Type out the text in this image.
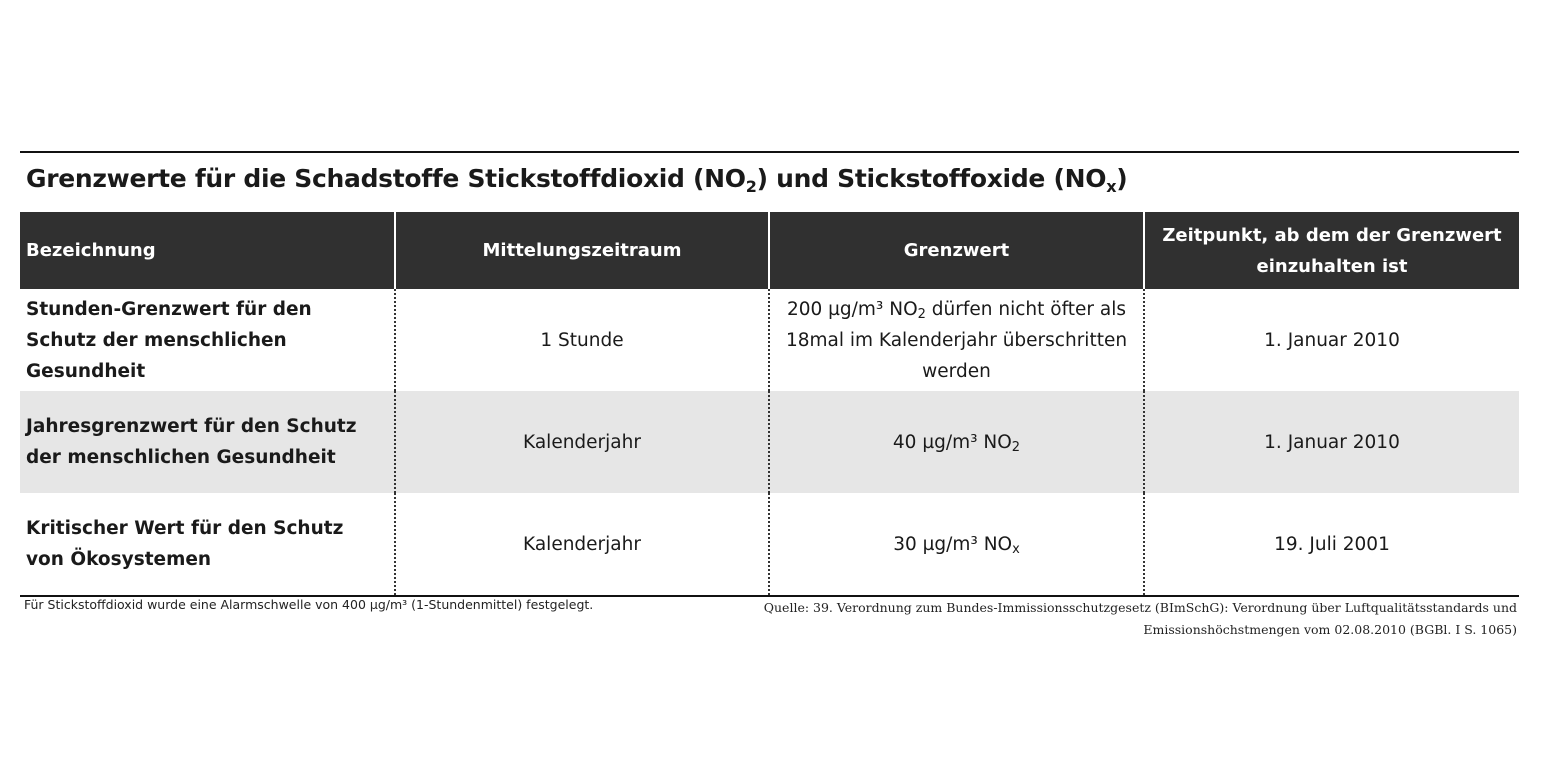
Grenzwerte für die Schadstoffe Stickstoffdioxid $(NO_2)$ und Stickstoffoxide $(NO_x)$
Bezeichnung	Mittelungszeitraum	Grenzwert	Zeitpunkt, ab dem der Grenzwert einzuhalten ist
Stunden-Grenzwert für den Schutz der menschlichen Gesundheit	1 Stunde	200 µg/m³ $NO_2$ dürfen nicht öfter als 18mal im Kalenderjahr überschritten werden	1. Januar 2010
Jahresgrenzwert für den Schutz der menschlichen Gesundheit	Kalenderjahr	40 µg/m³ $NO_2$	1. Januar 2010
Kritischer Wert für den Schutz von Ökosystemen	Kalenderjahr	30 µg/m³ $NO_x$	19. Juli 2001
Für Stickstoffdioxid wurde eine Alarmschwelle von 400 µg/m³ (1-Stundenmittel) festgelegt.	Quelle: 39. Verordnung zum Bundes-Immissionsschutzgesetz (BImSchG): Verordnung über Luftqualitätsstandards und Emissionshöchstmengen vom 02.08.2010 (BGBl. I S. 1065)
